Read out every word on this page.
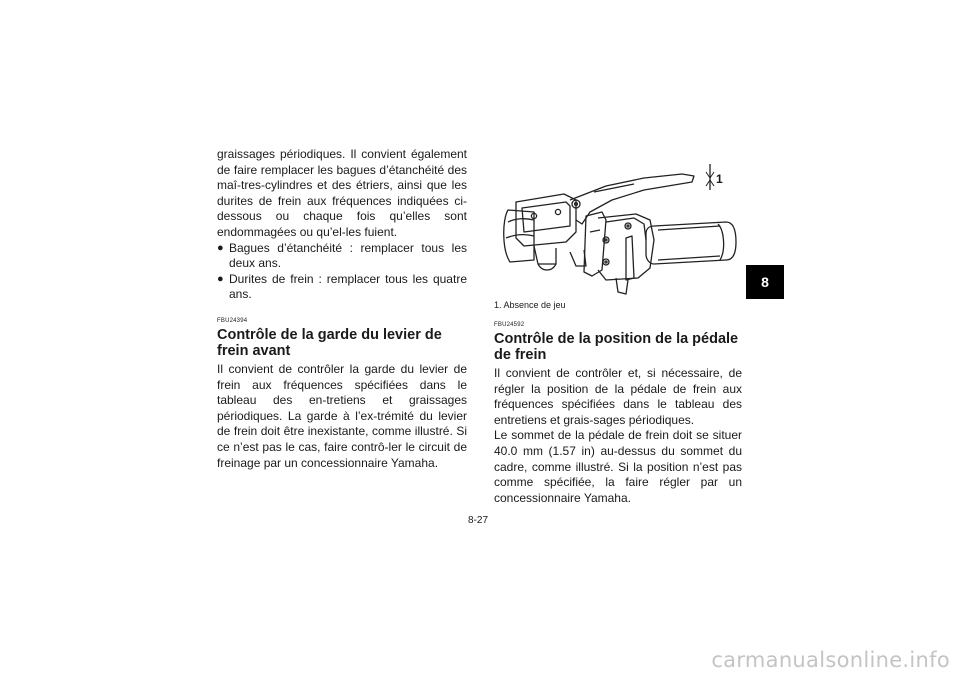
graissages périodiques. Il convient également de faire remplacer les bagues d’étanchéité des maî-tres-cylindres et des étriers, ainsi que les durites de frein aux fréquences indiquées ci-dessous ou chaque fois qu’elles sont endommagées ou qu’el-les fuient.

● Bagues d’étanchéité : remplacer tous les deux ans.
● Durites de frein : remplacer tous les quatre ans.
FBU24394
Contrôle de la garde du levier de frein avant

Il convient de contrôler la garde du levier de frein aux fréquences spécifiées dans le tableau des en-tretiens et graissages périodiques. La garde à l’ex-trémité du levier de frein doit être inexistante, comme illustré. Si ce n’est pas le cas, faire contrô-ler le circuit de freinage par un concessionnaire Yamaha.

1
1. Absence de jeu
FBU24592
Contrôle de la position de la pédale de frein

Il convient de contrôler et, si nécessaire, de régler la position de la pédale de frein aux fréquences spécifiées dans le tableau des entretiens et grais-sages périodiques.

Le sommet de la pédale de frein doit se situer 40.0 mm (1.57 in) au-dessus du sommet du cadre, comme illustré. Si la position n’est pas comme spécifiée, la faire régler par un concessionnaire Yamaha.

8
8-27
carmanualsonline.info
